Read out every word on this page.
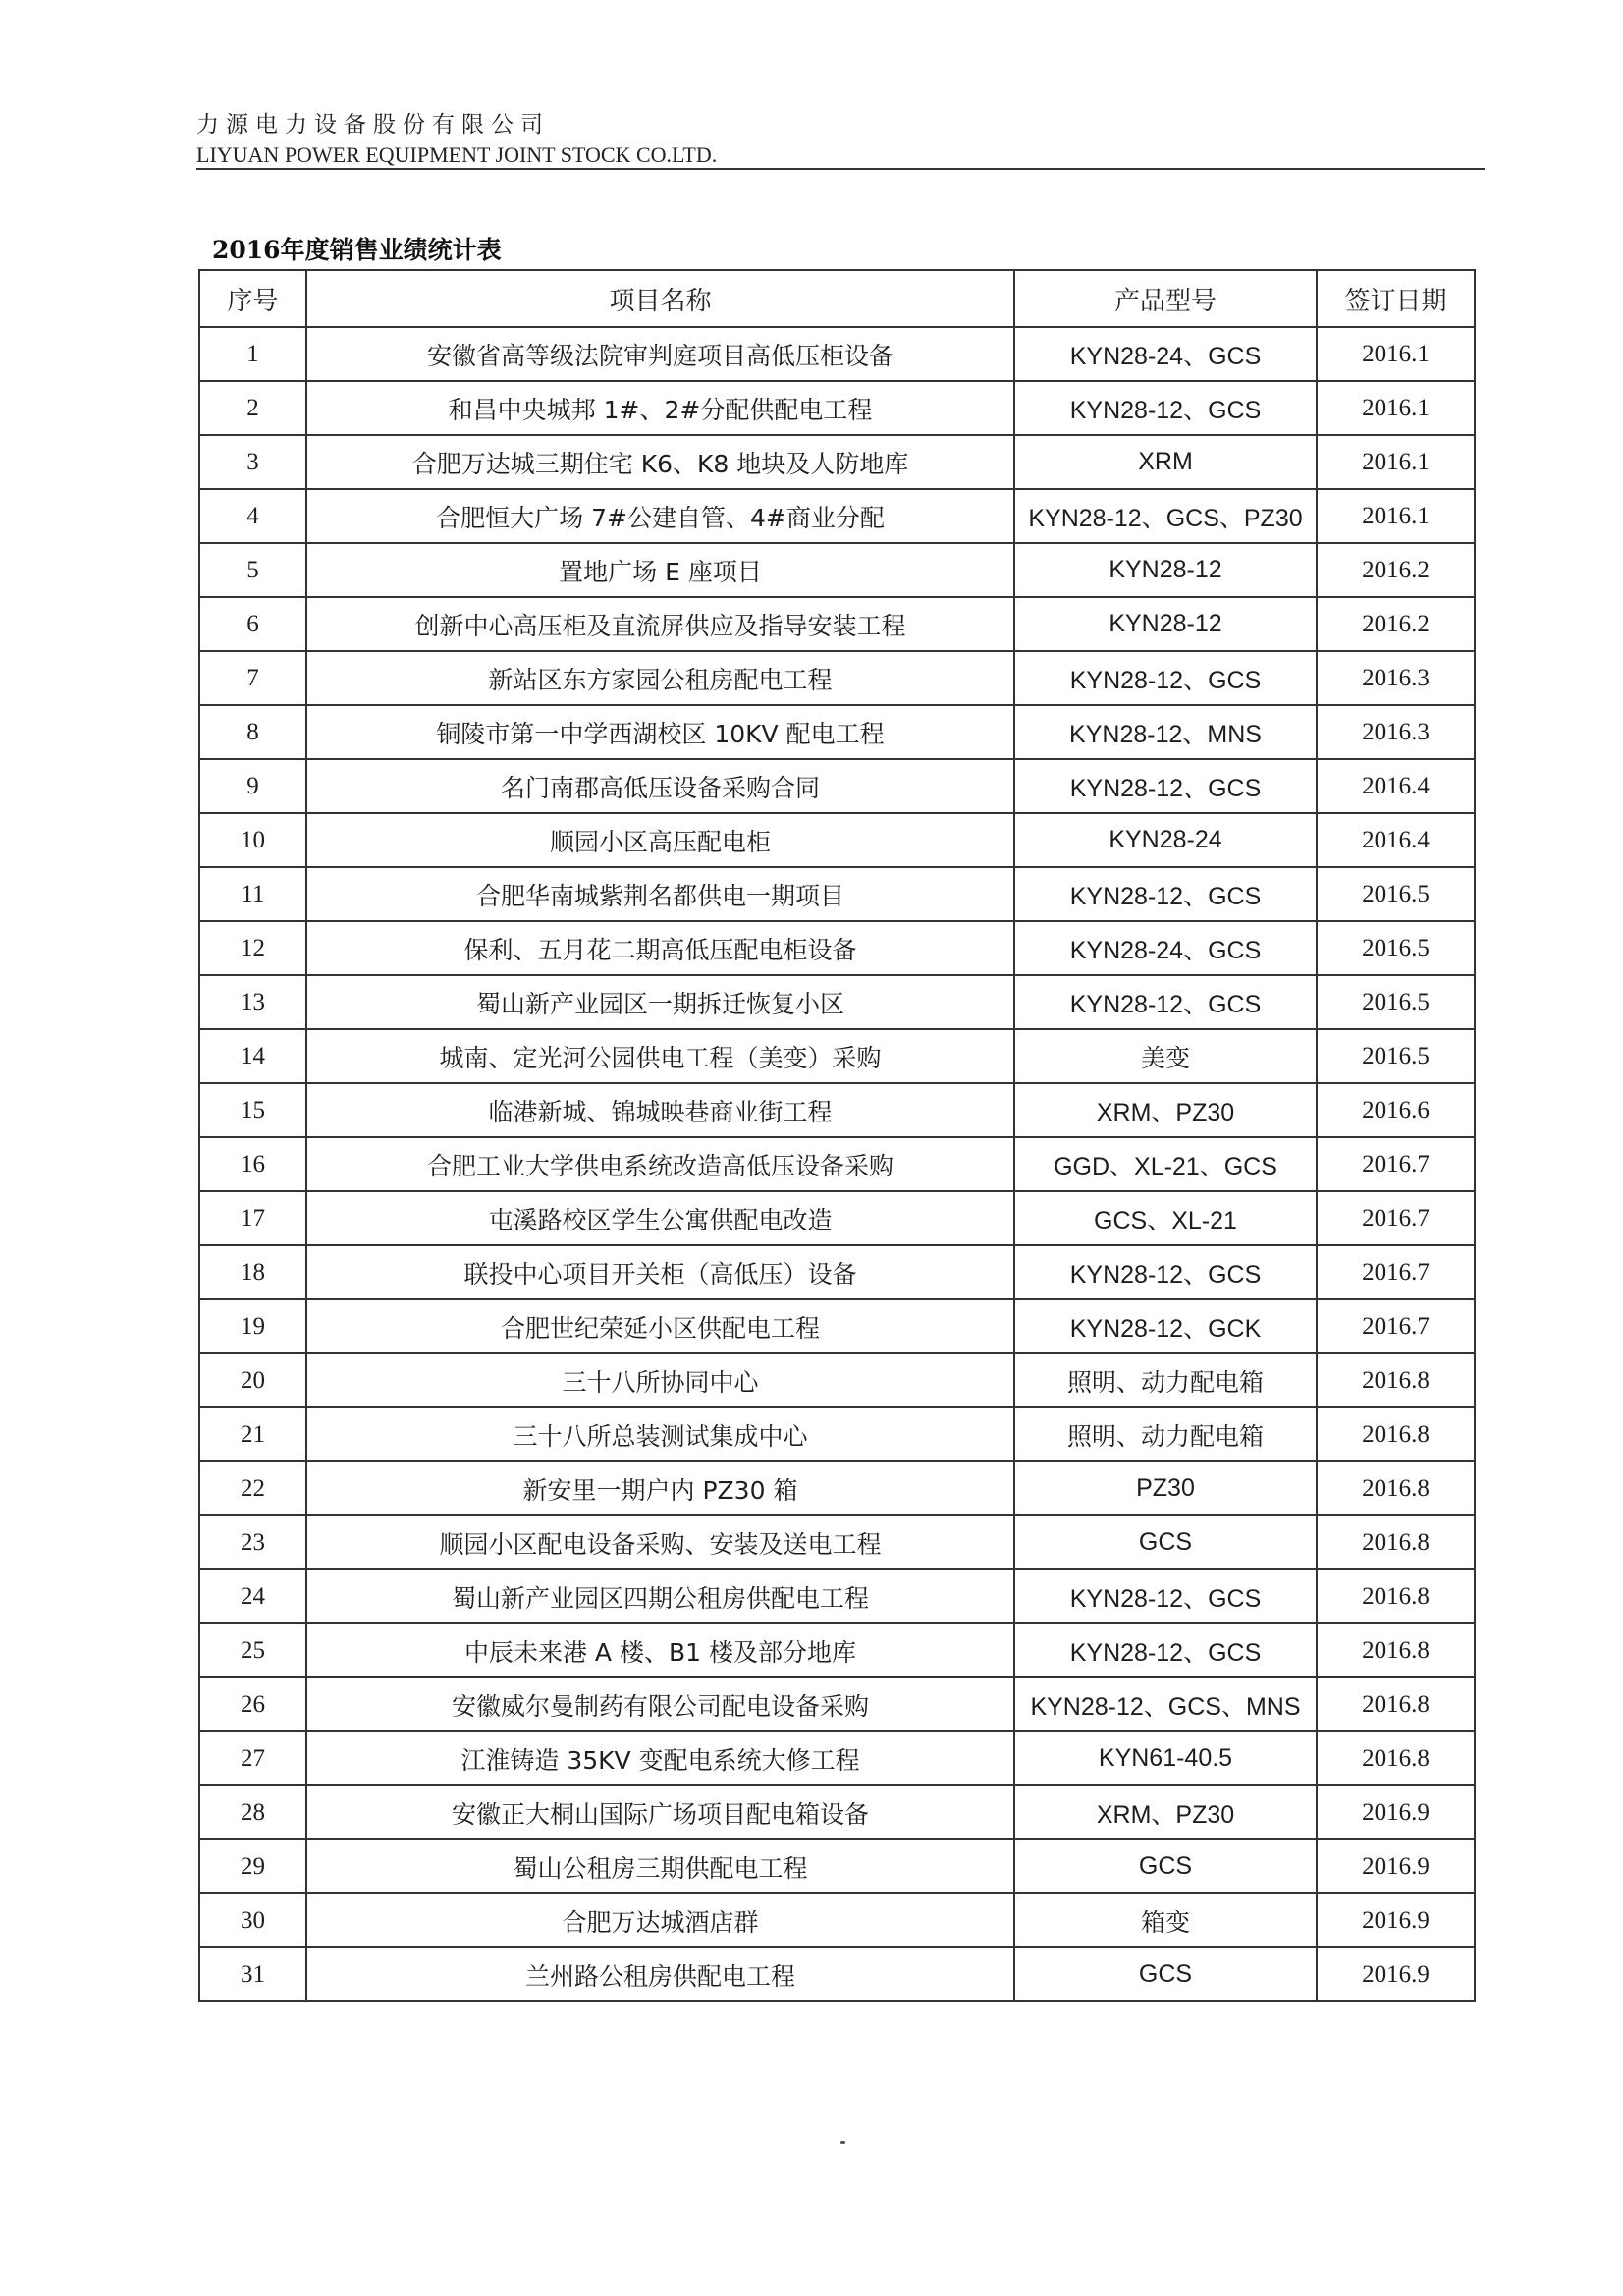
力源电力设备股份有限公司
LIYUAN POWER EQUIPMENT JOINT STOCK CO.LTD.
2016年度销售业绩统计表
序号	项目名称	产品型号	签订日期
1	安徽省高等级法院审判庭项目高低压柜设备	KYN28-24、GCS	2016.1
2	和昌中央城邦 1#、2#分配供配电工程	KYN28-12、GCS	2016.1
3	合肥万达城三期住宅 K6、K8 地块及人防地库	XRM	2016.1
4	合肥恒大广场 7#公建自管、4#商业分配	KYN28-12、GCS、PZ30	2016.1
5	置地广场 E 座项目	KYN28-12	2016.2
6	创新中心高压柜及直流屏供应及指导安装工程	KYN28-12	2016.2
7	新站区东方家园公租房配电工程	KYN28-12、GCS	2016.3
8	铜陵市第一中学西湖校区 10KV 配电工程	KYN28-12、MNS	2016.3
9	名门南郡高低压设备采购合同	KYN28-12、GCS	2016.4
10	顺园小区高压配电柜	KYN28-24	2016.4
11	合肥华南城紫荆名都供电一期项目	KYN28-12、GCS	2016.5
12	保利、五月花二期高低压配电柜设备	KYN28-24、GCS	2016.5
13	蜀山新产业园区一期拆迁恢复小区	KYN28-12、GCS	2016.5
14	城南、定光河公园供电工程（美变）采购	美变	2016.5
15	临港新城、锦城映巷商业街工程	XRM、PZ30	2016.6
16	合肥工业大学供电系统改造高低压设备采购	GGD、XL-21、GCS	2016.7
17	屯溪路校区学生公寓供配电改造	GCS、XL-21	2016.7
18	联投中心项目开关柜（高低压）设备	KYN28-12、GCS	2016.7
19	合肥世纪荣延小区供配电工程	KYN28-12、GCK	2016.7
20	三十八所协同中心	照明、动力配电箱	2016.8
21	三十八所总装测试集成中心	照明、动力配电箱	2016.8
22	新安里一期户内 PZ30 箱	PZ30	2016.8
23	顺园小区配电设备采购、安装及送电工程	GCS	2016.8
24	蜀山新产业园区四期公租房供配电工程	KYN28-12、GCS	2016.8
25	中辰未来港 A 楼、B1 楼及部分地库	KYN28-12、GCS	2016.8
26	安徽威尔曼制药有限公司配电设备采购	KYN28-12、GCS、MNS	2016.8
27	江淮铸造 35KV 变配电系统大修工程	KYN61-40.5	2016.8
28	安徽正大桐山国际广场项目配电箱设备	XRM、PZ30	2016.9
29	蜀山公租房三期供配电工程	GCS	2016.9
30	合肥万达城酒店群	箱变	2016.9
31	兰州路公租房供配电工程	GCS	2016.9
